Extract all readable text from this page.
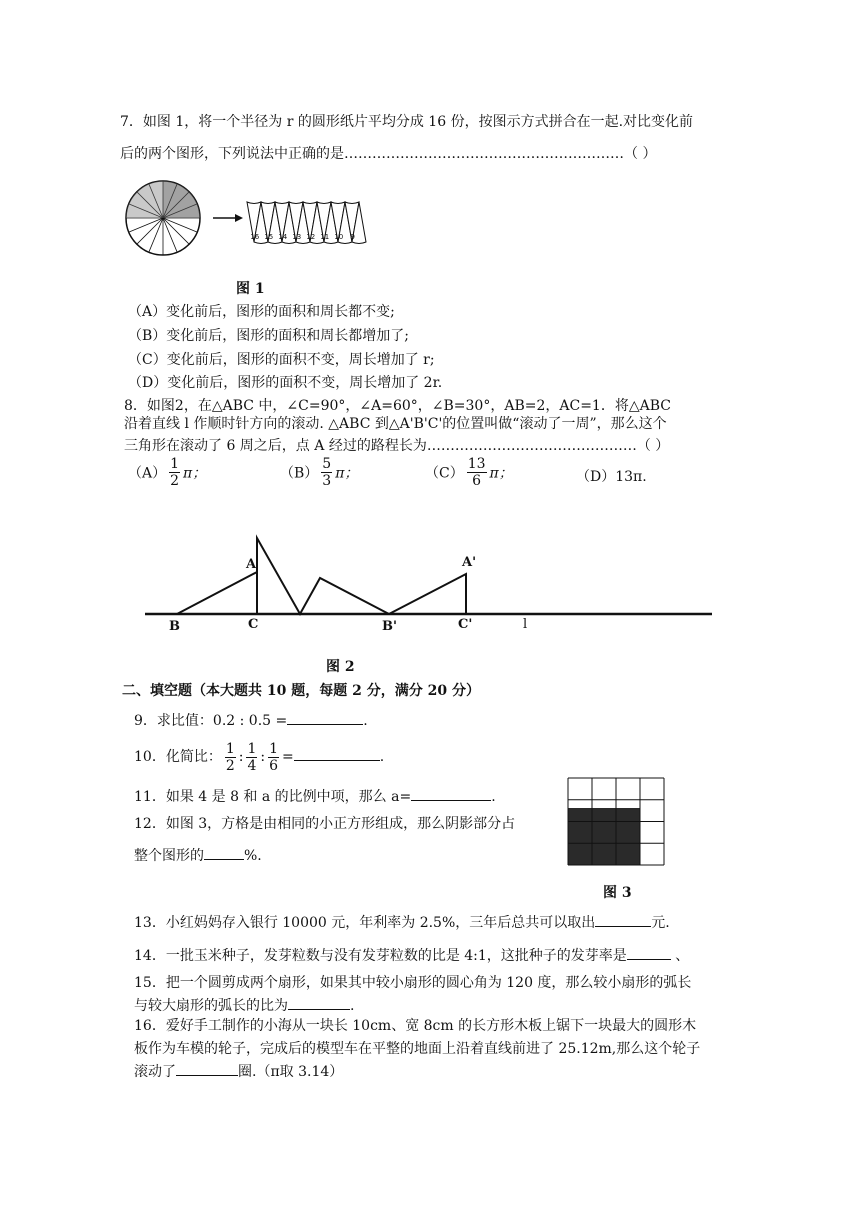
7．如图 1，将一个半径为 r 的圆形纸片平均分成 16 份，按图示方式拼合在一起.对比变化前
后的两个图形，下列说法中正确的是……………………………………………………（ ）
16 15 14 13 12 11 10 9
图 1
（A）变化前后，图形的面积和周长都不变;
（B）变化前后，图形的面积和周长都增加了;
（C）变化前后，图形的面积不变，周长增加了 r;
（D）变化前后，图形的面积不变，周长增加了 2r.
8．如图2，在△ABC 中，∠C=90°，∠A=60°，∠B=30°，AB=2，AC=1．将△ABC
沿着直线 l 作顺时针方向的滚动. △ABC 到△A'B'C'的位置叫做“滚动了一周”，那么这个
三角形在滚动了 6 周之后，点 A 经过的路程长为………………………………………（ ）
$(A) \frac{1}{2}$ π；	$(B) \frac{5}{3}$ π；	$(C) \frac{13}{6}$ π；	（D）13π.
A
B	C
A'
B'	C'	l
图 2
二、填空题（本大题共 10 题，每题 2 分，满分 20 分）
9．求比值：0.2 : 0.5 =	.
10．化简比： $\frac{1}{2}$ : $\frac{1}{4}$ : $\frac{1}{6}$ =	.
11．如果 4 是 8 和 a 的比例中项，那么 a=	.
12．如图 3，方格是由相同的小正方形组成，那么阴影部分占
整个图形的	%.
图 3
13．小红妈妈存入银行 10000 元，年利率为 2.5%，三年后总共可以取出	元.
14．一批玉米种子，发芽粒数与没有发芽粒数的比是 4:1，这批种子的发芽率是	、
15．把一个圆剪成两个扇形，如果其中较小扇形的圆心角为 120 度，那么较小扇形的弧长
与较大扇形的弧长的比为	.
16．爱好手工制作的小海从一块长 10cm、宽 8cm 的长方形木板上锯下一块最大的圆形木
板作为车模的轮子，完成后的模型车在平整的地面上沿着直线前进了 25.12m,那么这个轮子
滚动了	圈.（π取 3.14）
